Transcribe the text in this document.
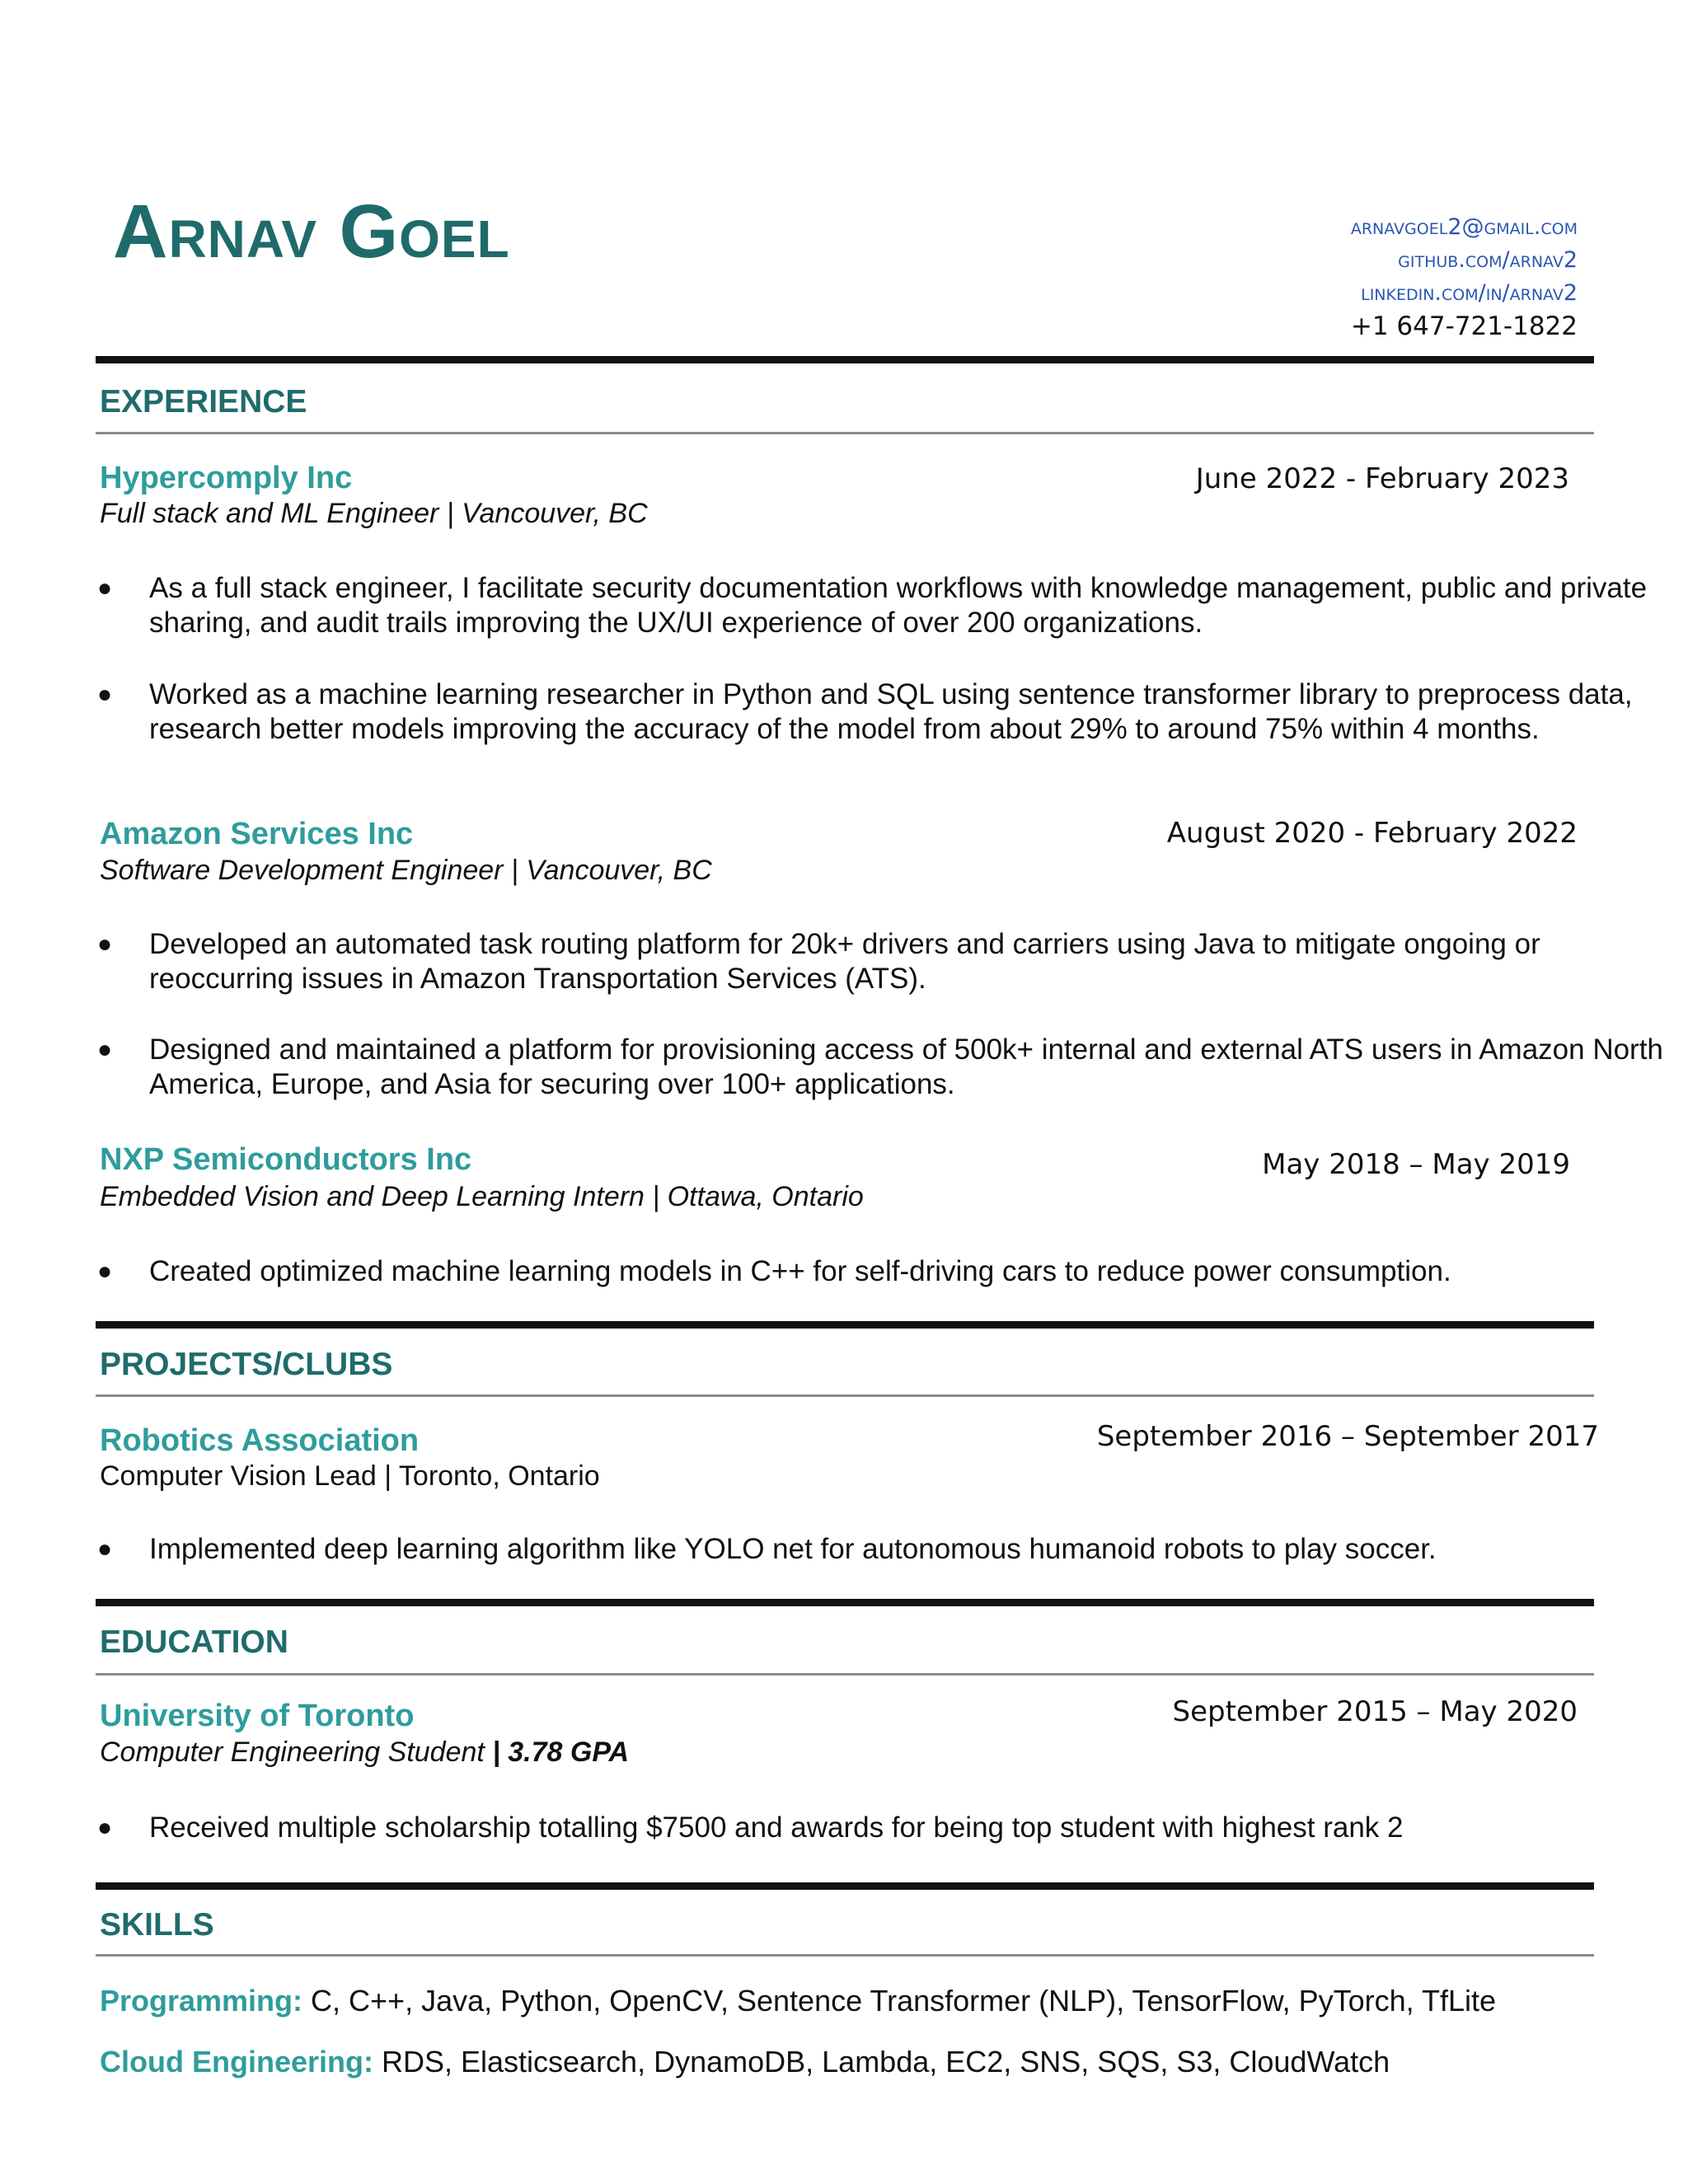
Arnav Goel	arnavgoel2@gmail.com
github.com/arnav2
linkedin.com/in/arnav2
+1 647-721-1822
EXPERIENCE
Hypercomply Inc	June 2022 - February 2023
Full stack and ML Engineer | Vancouver, BC
●	As a full stack engineer, I facilitate security documentation workflows with knowledge management, public and private sharing, and audit trails improving the UX/UI experience of over 200 organizations.
●	Worked as a machine learning researcher in Python and SQL using sentence transformer library to preprocess data, research better models improving the accuracy of the model from about 29% to around 75% within 4 months.
Amazon Services Inc	August 2020 - February 2022
Software Development Engineer | Vancouver, BC
●	Developed an automated task routing platform for 20k+ drivers and carriers using Java to mitigate ongoing or reoccurring issues in Amazon Transportation Services (ATS).
●	Designed and maintained a platform for provisioning access of 500k+ internal and external ATS users in Amazon North America, Europe, and Asia for securing over 100+ applications.
NXP Semiconductors Inc	May 2018 – May 2019
Embedded Vision and Deep Learning Intern | Ottawa, Ontario
●	Created optimized machine learning models in C++ for self-driving cars to reduce power consumption.
PROJECTS/CLUBS
Robotics Association	September 2016 – September 2017
Computer Vision Lead | Toronto, Ontario
●	Implemented deep learning algorithm like YOLO net for autonomous humanoid robots to play soccer.
EDUCATION
University of Toronto	September 2015 – May 2020
Computer Engineering Student | 3.78 GPA
●	Received multiple scholarship totalling $7500 and awards for being top student with highest rank 2
SKILLS
Programming: C, C++, Java, Python, OpenCV, Sentence Transformer (NLP), TensorFlow, PyTorch, TfLite
Cloud Engineering: RDS, Elasticsearch, DynamoDB, Lambda, EC2, SNS, SQS, S3, CloudWatch
